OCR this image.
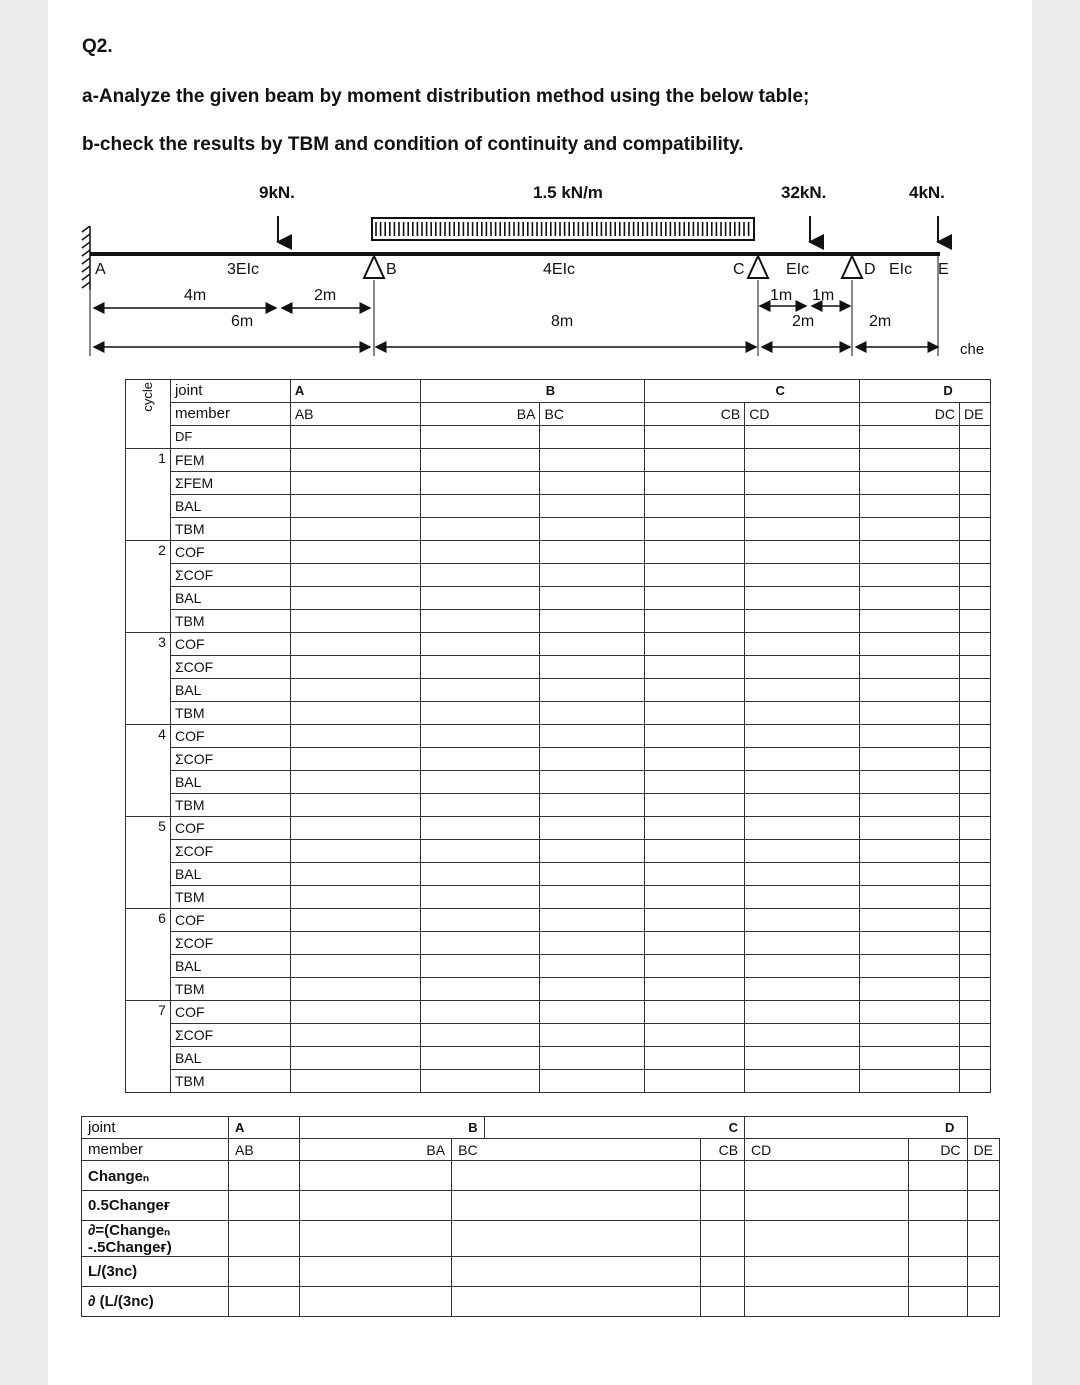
Q2.
a-Analyze the given beam by moment distribution method using the below table;
b-check the results by TBM and condition of continuity and compatibility.
9kN.	1.5 kN/m	32kN.	4kN.
A	B	C	D	E
3EIc	4EIc	EIc	EIc
4m	2m
6m	8m
1m 1m
2m	2m
che
cycle	joint	A	B		C		D	
	member	AB	BA	BC	CB	CD	DC	DE
	DF							
1	FEM							
	ΣFEM							
	BAL							
	TBM							
2	COF							
	ΣCOF							
	BAL							
	TBM							
3	COF							
	ΣCOF							
	BAL							
	TBM							
4	COF							
	ΣCOF							
	BAL							
	TBM							
5	COF							
	ΣCOF							
	BAL							
	TBM							
6	COF							
	ΣCOF							
	BAL							
	TBM							
7	COF							
	ΣCOF							
	BAL							
	TBM							
joint	A	B		C		D		
member	AB	BA	BC		CB	CD	DC	DE
Changeₙ								
0.5Changeғ								
∂=(Changeₙ -.5Changeғ)								
L/(3nc)								
∂ (L/(3nc)								
